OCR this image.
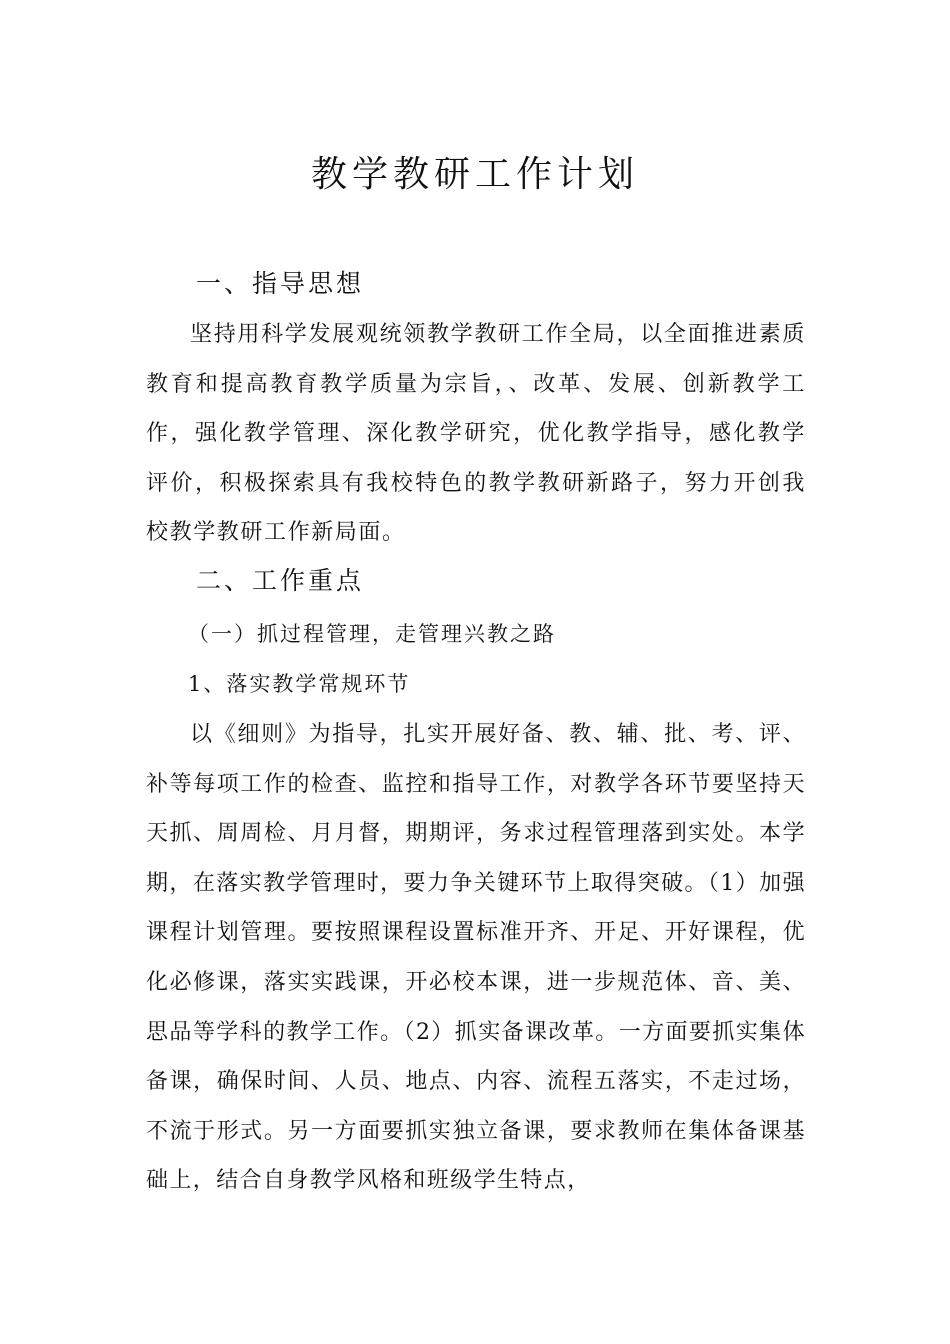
教学教研工作计划
一、指导思想

坚持用科学发展观统领教学教研工作全局，以全面推进素质教育和提高教育教学质量为宗旨，、改革、发展、创新教学工作，强化教学管理、深化教学研究，优化教学指导，感化教学评价，积极探索具有我校特色的教学教研新路子，努力开创我校教学教研工作新局面。

二、工作重点
（一）抓过程管理，走管理兴教之路
1、落实教学常规环节

以《细则》为指导，扎实开展好备、教、辅、批、考、评、补等每项工作的检查、监控和指导工作，对教学各环节要坚持天天抓、周周检、月月督，期期评，务求过程管理落到实处。本学期，在落实教学管理时，要力争关键环节上取得突破。（1）加强课程计划管理。要按照课程设置标准开齐、开足、开好课程，优化必修课，落实实践课，开必校本课，进一步规范体、音、美、思品等学科的教学工作。（2）抓实备课改革。一方面要抓实集体备课，确保时间、人员、地点、内容、流程五落实，不走过场，不流于形式。另一方面要抓实独立备课，要求教师在集体备课基础上，结合自身教学风格和班级学生特点，
